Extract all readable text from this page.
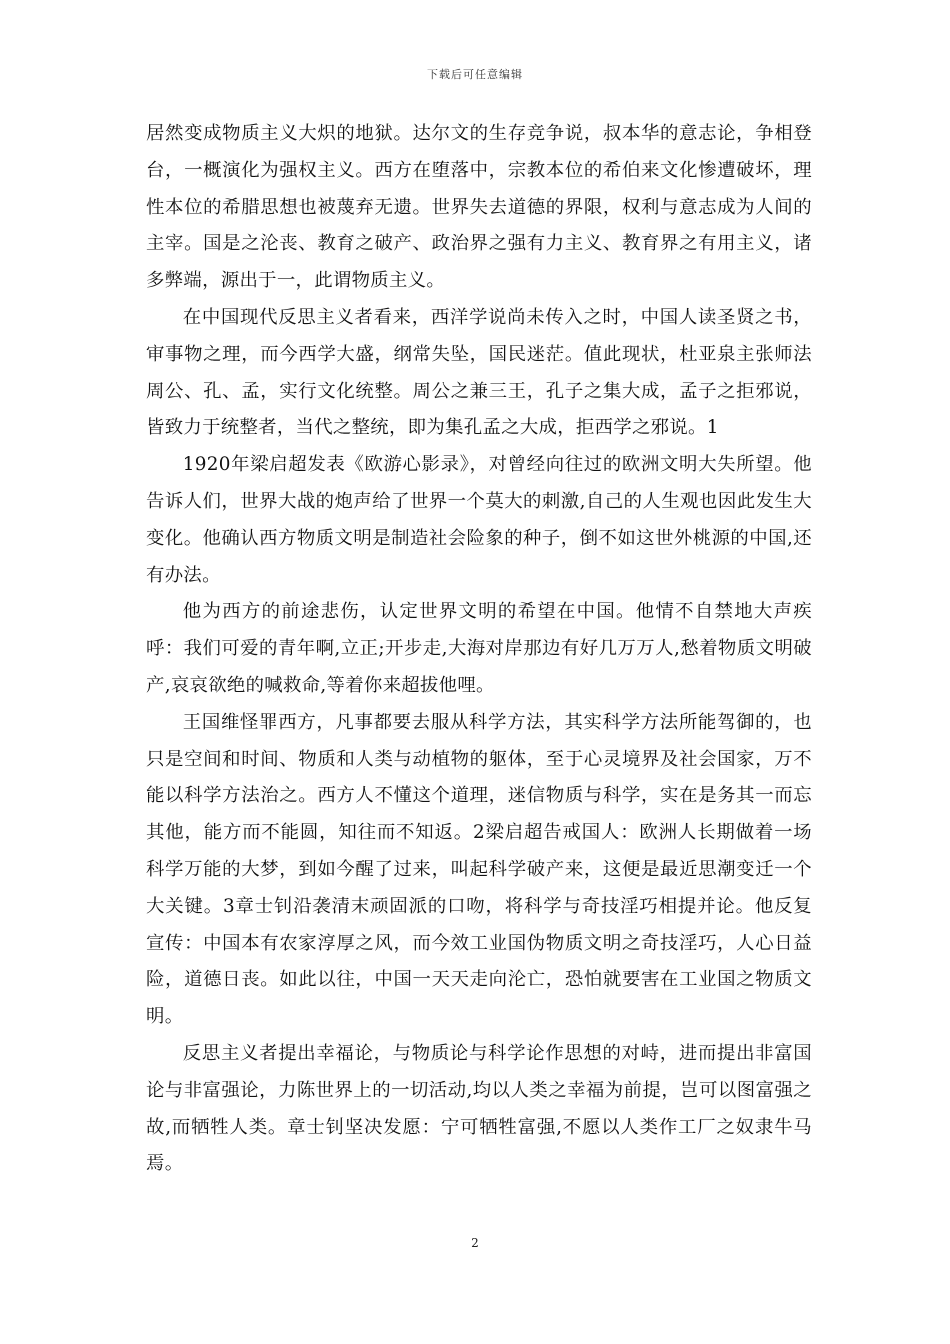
下载后可任意编辑

居然变成物质主义大炽的地狱。达尔文的生存竞争说，叔本华的意志论，争相登台，一概演化为强权主义。西方在堕落中，宗教本位的希伯来文化惨遭破坏，理性本位的希腊思想也被蔑弃无遗。世界失去道德的界限，权利与意志成为人间的主宰。国是之沦丧、教育之破产、政治界之强有力主义、教育界之有用主义，诸多弊端，源出于一，此谓物质主义。

在中国现代反思主义者看来，西洋学说尚未传入之时，中国人读圣贤之书，审事物之理，而今西学大盛，纲常失坠，国民迷茫。值此现状，杜亚泉主张师法周公、孔、孟，实行文化统整。周公之兼三王，孔子之集大成，孟子之拒邪说，皆致力于统整者，当代之整统，即为集孔孟之大成，拒西学之邪说。1

1920年梁启超发表《欧游心影录》，对曾经向往过的欧洲文明大失所望。他告诉人们，世界大战的炮声给了世界一个莫大的刺激,自己的人生观也因此发生大变化。他确认西方物质文明是制造社会险象的种子，倒不如这世外桃源的中国,还有办法。

他为西方的前途悲伤，认定世界文明的希望在中国。他情不自禁地大声疾呼：我们可爱的青年啊,立正;开步走,大海对岸那边有好几万万人,愁着物质文明破产,哀哀欲绝的喊救命,等着你来超拔他哩。

王国维怪罪西方，凡事都要去服从科学方法，其实科学方法所能驾御的，也只是空间和时间、物质和人类与动植物的躯体，至于心灵境界及社会国家，万不能以科学方法治之。西方人不懂这个道理，迷信物质与科学，实在是务其一而忘其他，能方而不能圆，知往而不知返。2梁启超告戒国人：欧洲人长期做着一场科学万能的大梦，到如今醒了过来，叫起科学破产来，这便是最近思潮变迁一个大关键。3章士钊沿袭清末顽固派的口吻，将科学与奇技淫巧相提并论。他反复宣传：中国本有农家淳厚之风，而今效工业国伪物质文明之奇技淫巧，人心日益险，道德日丧。如此以往，中国一天天走向沦亡，恐怕就要害在工业国之物质文明。

反思主义者提出幸福论，与物质论与科学论作思想的对峙，进而提出非富国论与非富强论，力陈世界上的一切活动,均以人类之幸福为前提，岂可以图富强之故,而牺牲人类。章士钊坚决发愿：宁可牺牲富强,不愿以人类作工厂之奴隶牛马焉。

2
